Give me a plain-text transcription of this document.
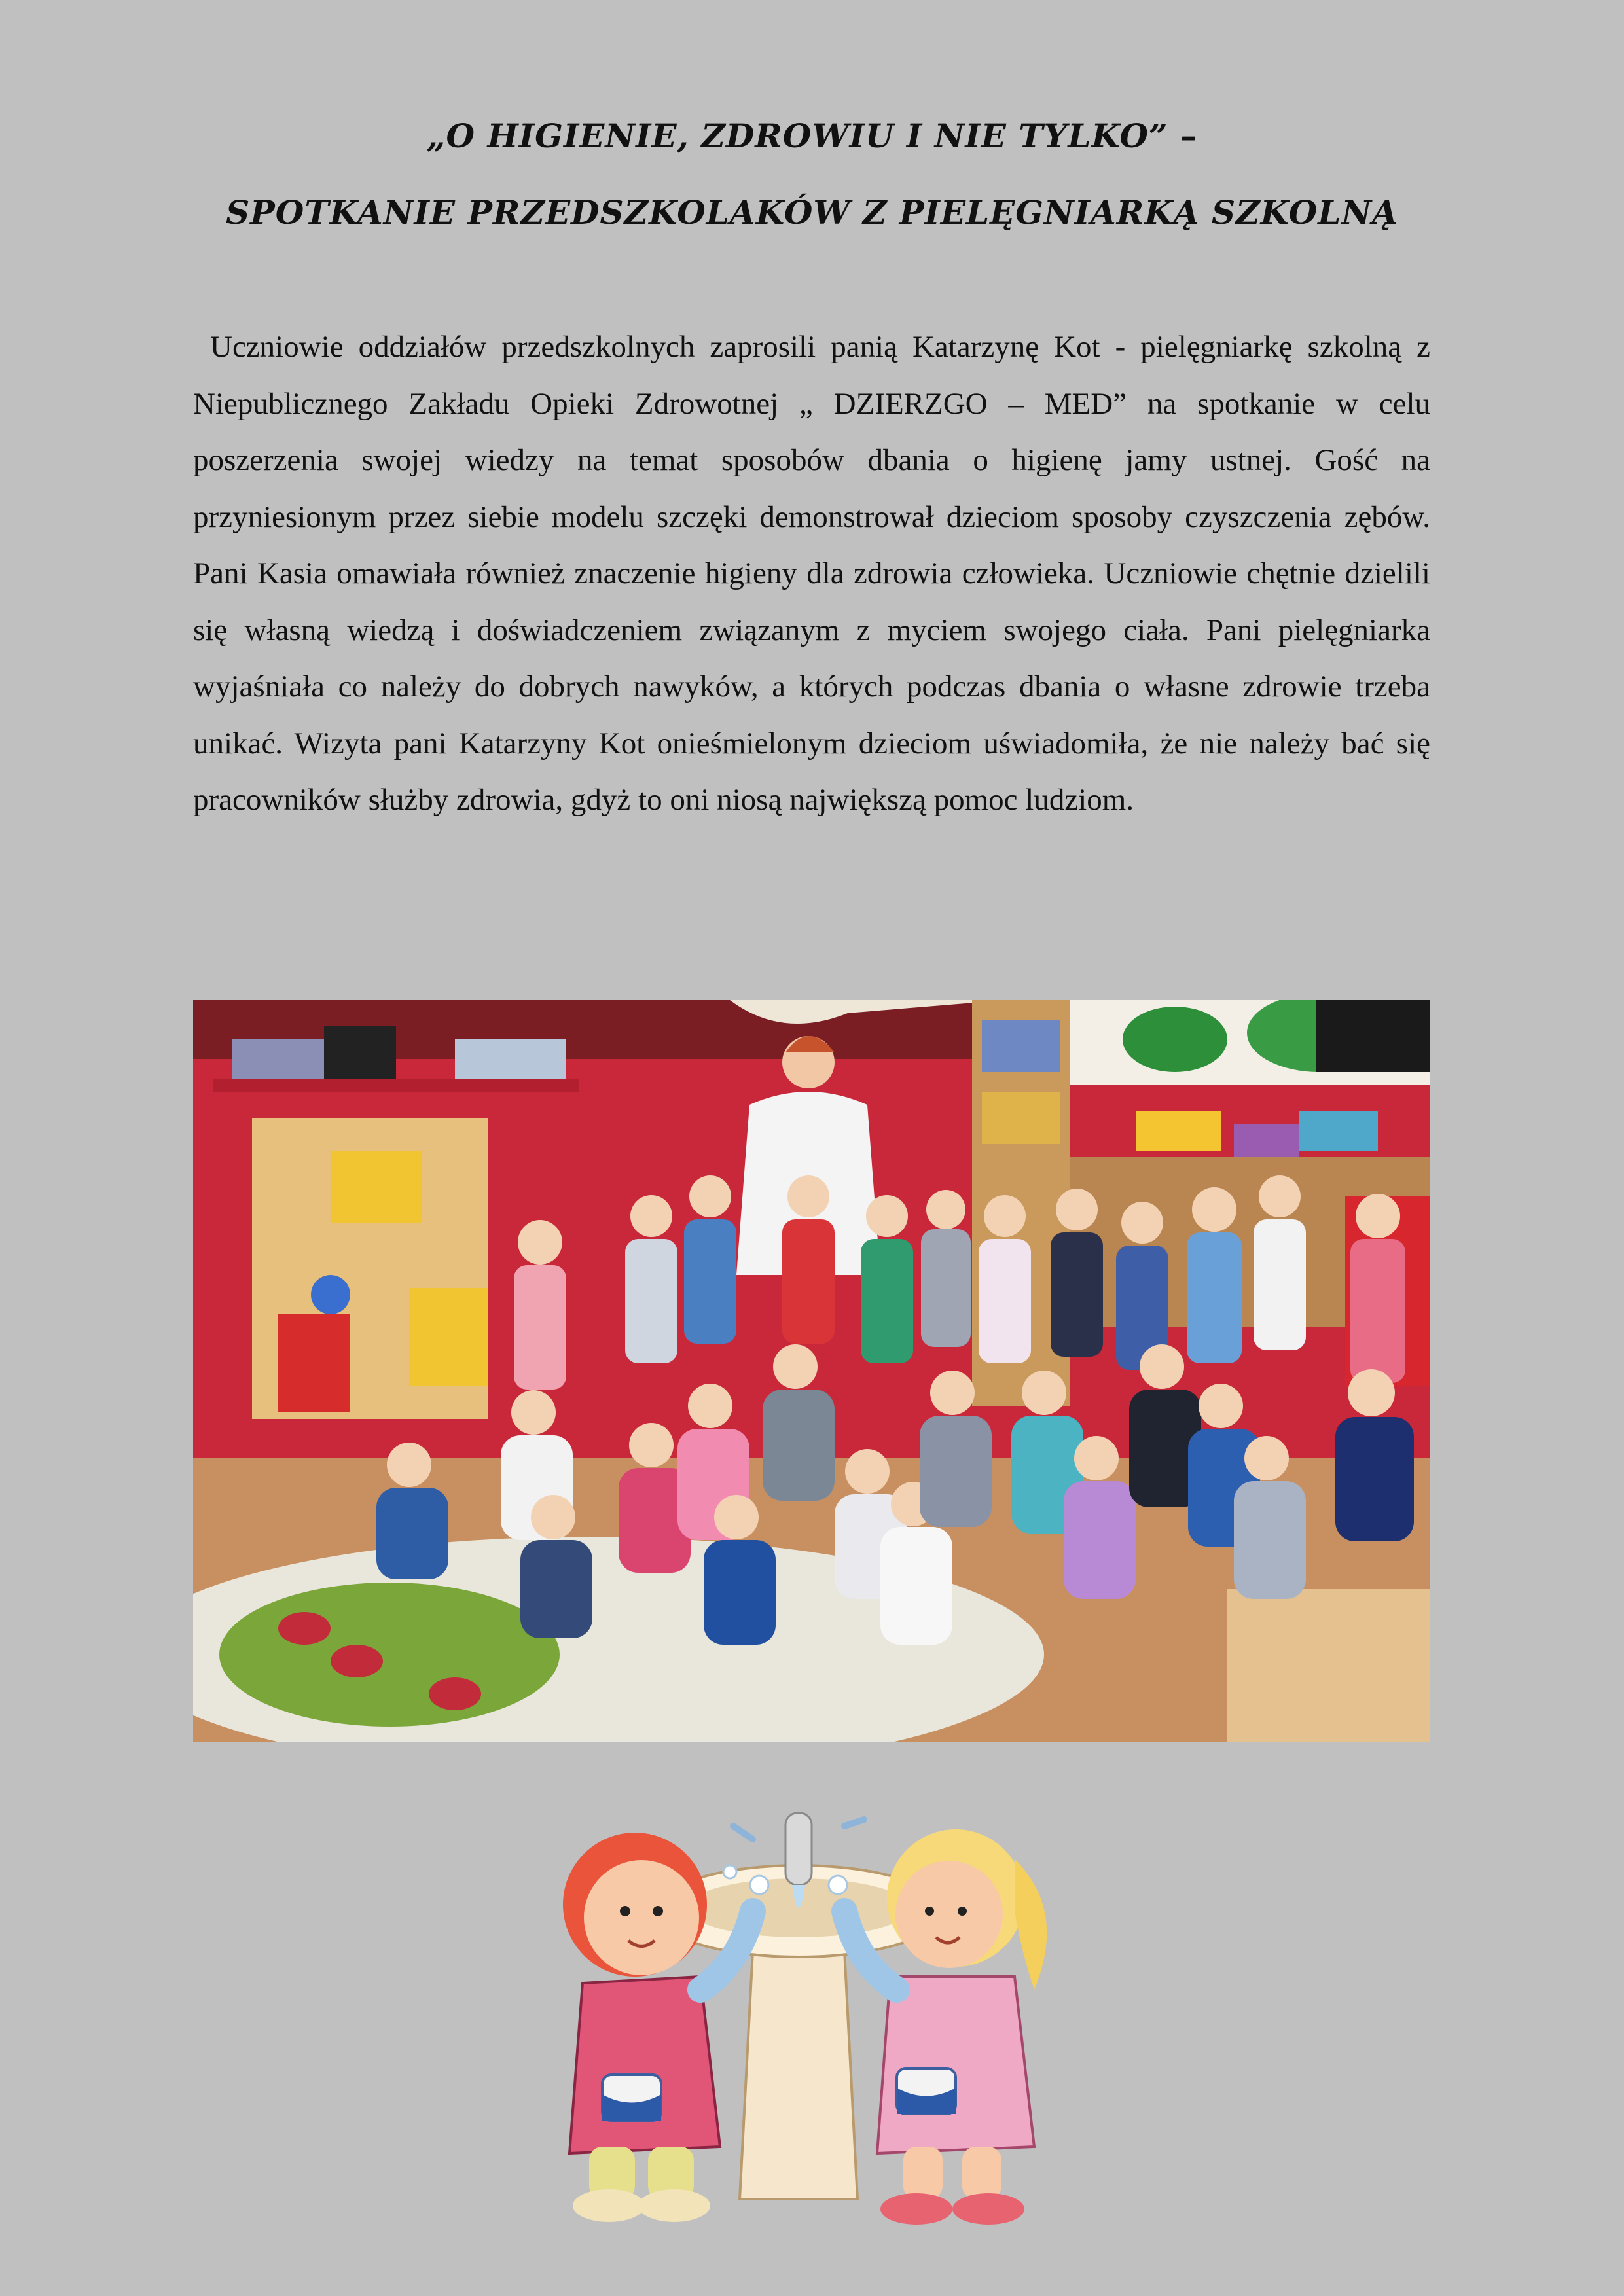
„O HIGIENIE, ZDROWIU I NIE TYLKO” –
SPOTKANIE PRZEDSZKOLAKÓW Z PIELĘGNIARKĄ SZKOLNĄ

Uczniowie oddziałów przedszkolnych zaprosili panią Katarzynę Kot - pielęgniarkę szkolną z Niepublicznego Zakładu Opieki Zdrowotnej „ DZIERZGO – MED” na spotkanie w celu poszerzenia swojej wiedzy na temat sposobów dbania o higienę jamy ustnej. Gość na przyniesionym przez siebie modelu szczęki demonstrował dzieciom sposoby czyszczenia zębów. Pani Kasia omawiała również znaczenie higieny dla zdrowia człowieka. Uczniowie chętnie dzielili się własną wiedzą i doświadczeniem związanym z myciem swojego ciała. Pani pielęgniarka wyjaśniała co należy do dobrych nawyków, a których podczas dbania o własne zdrowie trzeba unikać. Wizyta pani Katarzyny Kot onieśmielonym dzieciom uświadomiła, że nie należy bać się pracowników służby zdrowia, gdyż to oni niosą największą pomoc ludziom.
